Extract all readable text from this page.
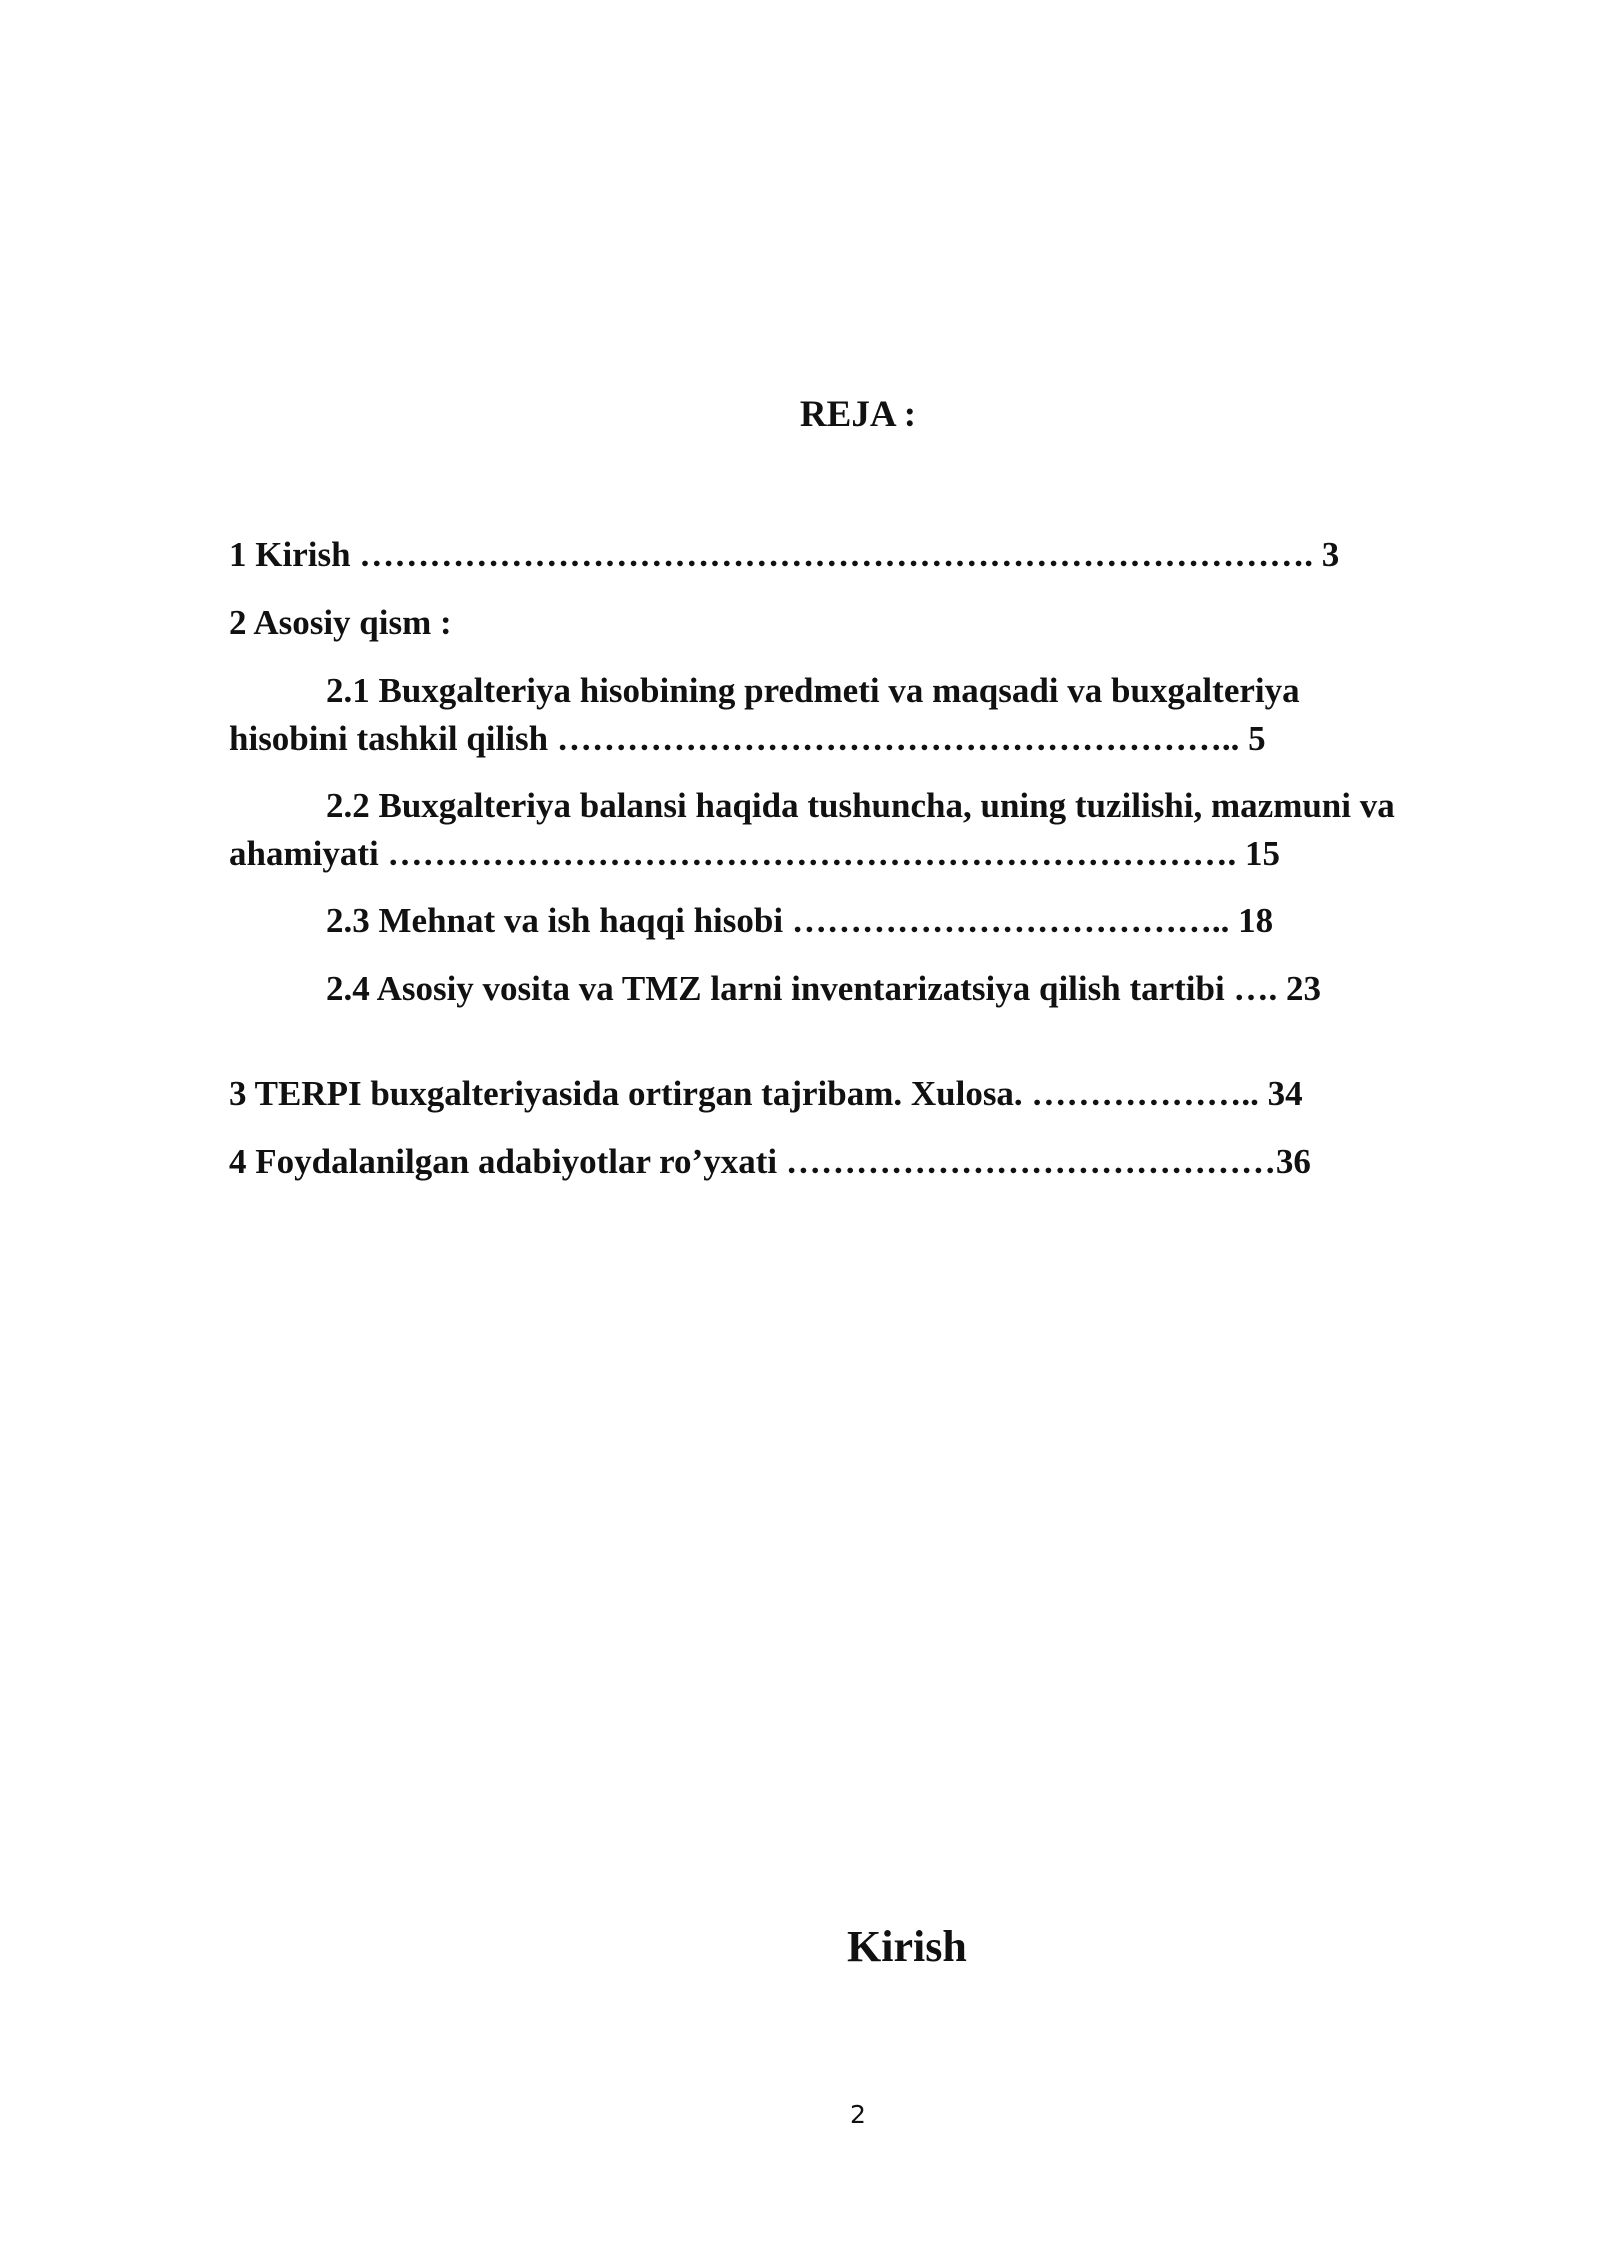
REJA :
1 Kirish ………………………………………………………………………. 3
2 Asosiy qism :
2.1 Buxgalteriya hisobining predmeti va maqsadi va buxgalteriya
hisobini tashkil qilish ………………………………………………….. 5
2.2 Buxgalteriya balansi haqida tushuncha, uning tuzilishi, mazmuni va
ahamiyati ………………………………………………………………. 15
2.3 Mehnat va ish haqqi hisobi ……………………………….. 18
2.4 Asosiy vosita va TMZ larni inventarizatsiya qilish tartibi …. 23
3 TERPI buxgalteriyasida ortirgan tajribam. Xulosa. ……………….. 34
4 Foydalanilgan adabiyotlar ro’yxati ……………………………………36
Kirish
2
